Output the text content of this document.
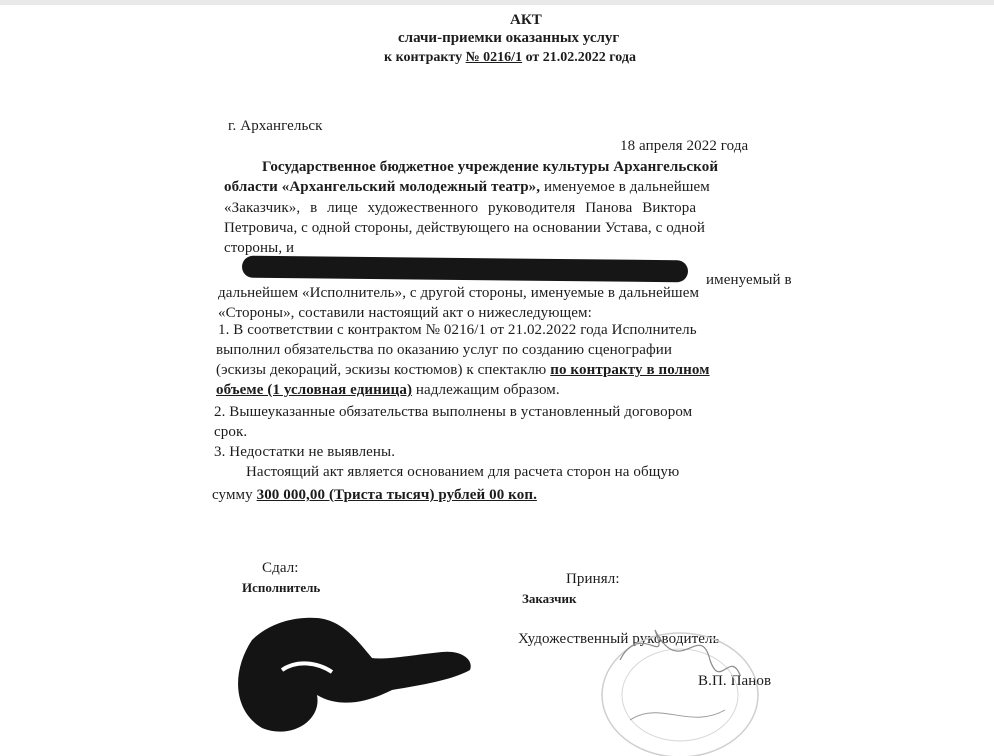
АКТ
слачи-приемки оказанных услуг
к контракту № 0216/1 от 21.02.2022 года
г. Архангельск
18 апреля 2022 года
Государственное бюджетное учреждение культуры Архангельской
области «Архангельский молодежный театр», именуемое в дальнейшем
«Заказчик», в лице художественного руководителя Панова Виктора
Петровича, с одной стороны, действующего на основании Устава, с одной
стороны, и
именуемый в
дальнейшем «Исполнитель», с другой стороны, именуемые в дальнейшем
«Стороны», составили настоящий акт о нижеследующем:
1. В соответствии с контрактом № 0216/1 от 21.02.2022 года Исполнитель
выполнил обязательства по оказанию услуг по созданию сценографии
(эскизы декораций, эскизы костюмов) к спектаклю по контракту в полном
объеме (1 условная единица) надлежащим образом.
2. Вышеуказанные обязательства выполнены в установленный договором
срок.
3. Недостатки не выявлены.
Настоящий акт является основанием для расчета сторон на общую
сумму 300 000,00 (Триста тысяч) рублей 00 коп.
Сдал:
Исполнитель
Принял:
Заказчик
Художественный руководитель
В.П. Панов
